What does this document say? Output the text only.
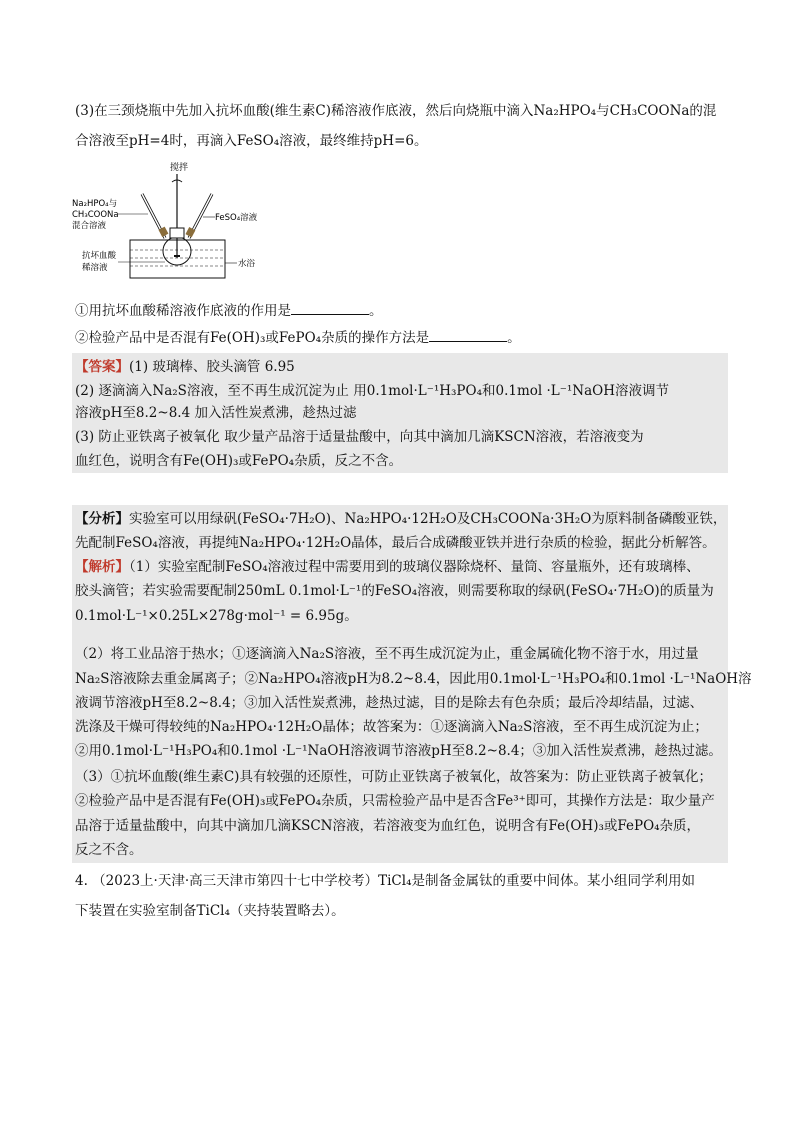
(3)在三颈烧瓶中先加入抗坏血酸(维生素C)稀溶液作底液，然后向烧瓶中滴入Na₂HPO₄与CH₃COONa的混
合溶液至pH=4时，再滴入FeSO₄溶液，最终维持pH=6。
搅拌
Na₂HPO₄与
CH₃COONa
混合溶液
FeSO₄溶液
抗坏血酸
稀溶液	水浴
①用抗坏血酸稀溶液作底液的作用是	。
②检验产品中是否混有Fe(OH)₃或FePO₄杂质的操作方法是	。
【答案】(1) 玻璃棒、胶头滴管 6.95
(2) 逐滴滴入Na₂S溶液，至不再生成沉淀为止 用0.1mol·L⁻¹H₃PO₄和0.1mol ·L⁻¹NaOH溶液调节
溶液pH至8.2~8.4 加入活性炭煮沸，趁热过滤
(3) 防止亚铁离子被氧化 取少量产品溶于适量盐酸中，向其中滴加几滴KSCN溶液，若溶液变为
血红色，说明含有Fe(OH)₃或FePO₄杂质，反之不含。
【分析】实验室可以用绿矾(FeSO₄·7H₂O)、Na₂HPO₄·12H₂O及CH₃COONa·3H₂O为原料制备磷酸亚铁，
先配制FeSO₄溶液，再提纯Na₂HPO₄·12H₂O晶体，最后合成磷酸亚铁并进行杂质的检验，据此分析解答。
【解析】（1）实验室配制FeSO₄溶液过程中需要用到的玻璃仪器除烧杯、量筒、容量瓶外，还有玻璃棒、
胶头滴管；若实验需要配制250mL 0.1mol·L⁻¹的FeSO₄溶液，则需要称取的绿矾(FeSO₄·7H₂O)的质量为
0.1mol·L⁻¹×0.25L×278g·mol⁻¹ = 6.95g。
（2）将工业品溶于热水；①逐滴滴入Na₂S溶液，至不再生成沉淀为止，重金属硫化物不溶于水，用过量
Na₂S溶液除去重金属离子；②Na₂HPO₄溶液pH为8.2~8.4，因此用0.1mol·L⁻¹H₃PO₄和0.1mol ·L⁻¹NaOH溶
液调节溶液pH至8.2~8.4；③加入活性炭煮沸，趁热过滤，目的是除去有色杂质；最后冷却结晶，过滤、
洗涤及干燥可得较纯的Na₂HPO₄·12H₂O晶体；故答案为：①逐滴滴入Na₂S溶液，至不再生成沉淀为止；
②用0.1mol·L⁻¹H₃PO₄和0.1mol ·L⁻¹NaOH溶液调节溶液pH至8.2~8.4；③加入活性炭煮沸，趁热过滤。
（3）①抗坏血酸(维生素C)具有较强的还原性，可防止亚铁离子被氧化，故答案为：防止亚铁离子被氧化；
②检验产品中是否混有Fe(OH)₃或FePO₄杂质，只需检验产品中是否含Fe³⁺即可，其操作方法是：取少量产
品溶于适量盐酸中，向其中滴加几滴KSCN溶液，若溶液变为血红色，说明含有Fe(OH)₃或FePO₄杂质，
反之不含。
4. （2023上·天津·高三天津市第四十七中学校考）TiCl₄是制备金属钛的重要中间体。某小组同学利用如
下装置在实验室制备TiCl₄（夹持装置略去）。
